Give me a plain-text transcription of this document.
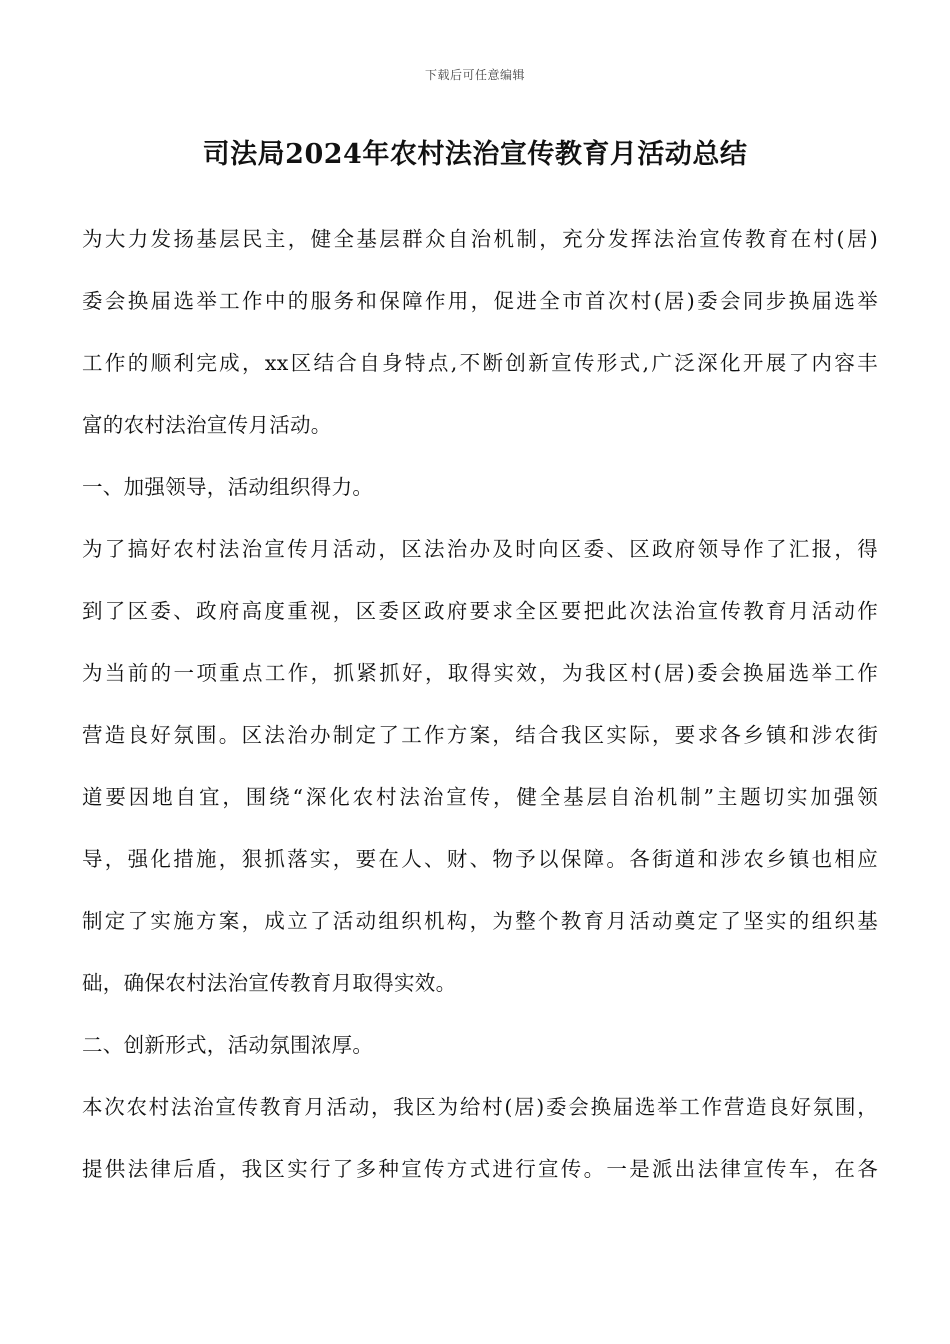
下载后可任意编辑
司法局2024年农村法治宣传教育月活动总结
为大力发扬基层民主，健全基层群众自治机制，充分发挥法治宣传教育在村(居)
委会换届选举工作中的服务和保障作用，促进全市首次村(居)委会同步换届选举
工作的顺利完成，xx区结合自身特点,不断创新宣传形式,广泛深化开展了内容丰
富的农村法治宣传月活动。
一、加强领导，活动组织得力。
为了搞好农村法治宣传月活动，区法治办及时向区委、区政府领导作了汇报，得
到了区委、政府高度重视，区委区政府要求全区要把此次法治宣传教育月活动作
为当前的一项重点工作，抓紧抓好，取得实效，为我区村(居)委会换届选举工作
营造良好氛围。区法治办制定了工作方案，结合我区实际，要求各乡镇和涉农街
道要因地自宜，围绕“深化农村法治宣传，健全基层自治机制”主题切实加强领
导，强化措施，狠抓落实，要在人、财、物予以保障。各街道和涉农乡镇也相应
制定了实施方案，成立了活动组织机构，为整个教育月活动奠定了坚实的组织基
础，确保农村法治宣传教育月取得实效。
二、创新形式，活动氛围浓厚。
本次农村法治宣传教育月活动，我区为给村(居)委会换届选举工作营造良好氛围，
提供法律后盾，我区实行了多种宣传方式进行宣传。一是派出法律宣传车，在各
